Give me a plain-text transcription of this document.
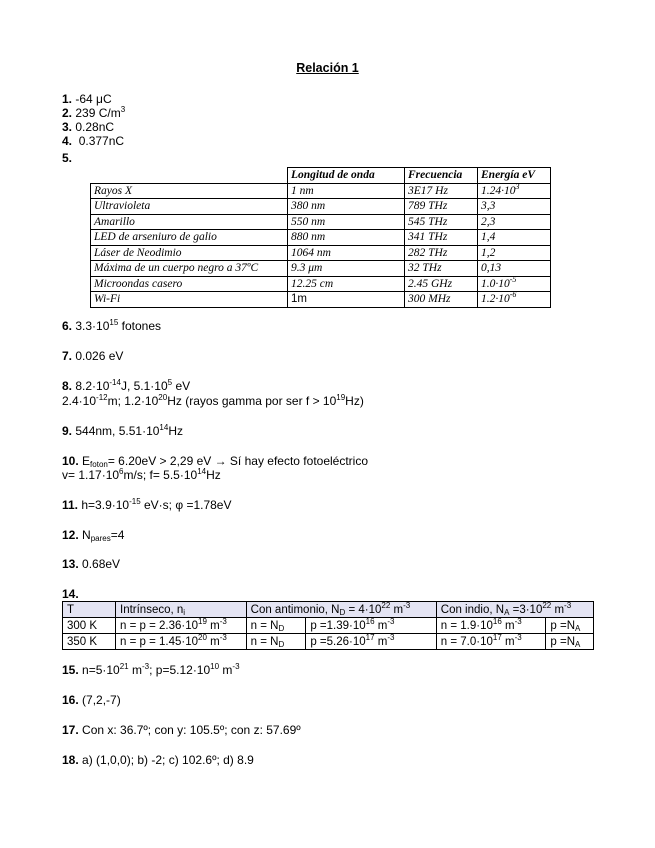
Relación 1
1. -64 μC
2. 239 $C/m^3$
3. 0.28nC
4. 0.377nC
5.
	Longitud de onda	Frecuencia	Energía eV
Rayos X	1 nm	3E17 Hz	$1.24\cdot 10^3$
Ultravioleta	380 nm	789 THz	3,3
Amarillo	550 nm	545 THz	2,3
LED de arseniuro de galio	880 nm	341 THz	1,4
Láser de Neodimio	1064 nm	282 THz	1,2
Máxima de un cuerpo negro a 37ºC	9.3 μm	32 THz	0,13
Microondas casero	12.25 cm	2.45 GHz	$1.0\cdot 10^{-5}$
Wi-Fi	1m	300 MHz	$1.2\cdot 10^{-6}$
6. $3.3\cdot 10^{15}$ fotones
7. 0.026 eV
8. $8.2\cdot 10^{-14}J$, $5.1\cdot 10^5$ eV
$2.4\cdot 10^{-12}m$; $1.2\cdot 10^{20}Hz$ (rayos gamma por ser $f > 10^{19}Hz$)
9. 544nm, $5.51\cdot 10^{14}Hz$
10. $E_{foton}= 6.20eV > 2,29$ eV → Sí hay efecto fotoeléctrico
$v= 1.17\cdot 10^6m/s$; $f= 5.5\cdot 10^{14}Hz$
11. $h=3.9\cdot 10^{-15}$ eV·s; φ =1.78eV
12. $N_{pares}=4$
13. 0.68eV
14.
T	Intrínseco, $n_i$	Con antimonio, $N_D = 4\cdot 10^{22}$ $m^{-3}$		Con indio, $N_A =3\cdot 10^{22}$ $m^{-3}$
300 K	$n = p = 2.36\cdot 10^{19}$ $m^{-3}$	$n = N_D$	$p =1.39\cdot 10^{16}$ $m^{-3}$	$n = 1.9\cdot 10^{16}$ $m^{-3}$	$p =N_A$
350 K	$n = p = 1.45\cdot 10^{20}$ $m^{-3}$	$n = N_D$	$p =5.26\cdot 10^{17}$ $m^{-3}$	$n = 7.0\cdot 10^{17}$ $m^{-3}$	$p =N_A$
15. $n=5\cdot 10^{21}$ $m^{-3}$; $p=5.12\cdot 10^{10}$ $m^{-3}$
16. (7,2,-7)
17. Con x: 36.7º; con y: 105.5º; con z: 57.69º
18. a) (1,0,0); b) -2; c) 102.6º; d) 8.9
